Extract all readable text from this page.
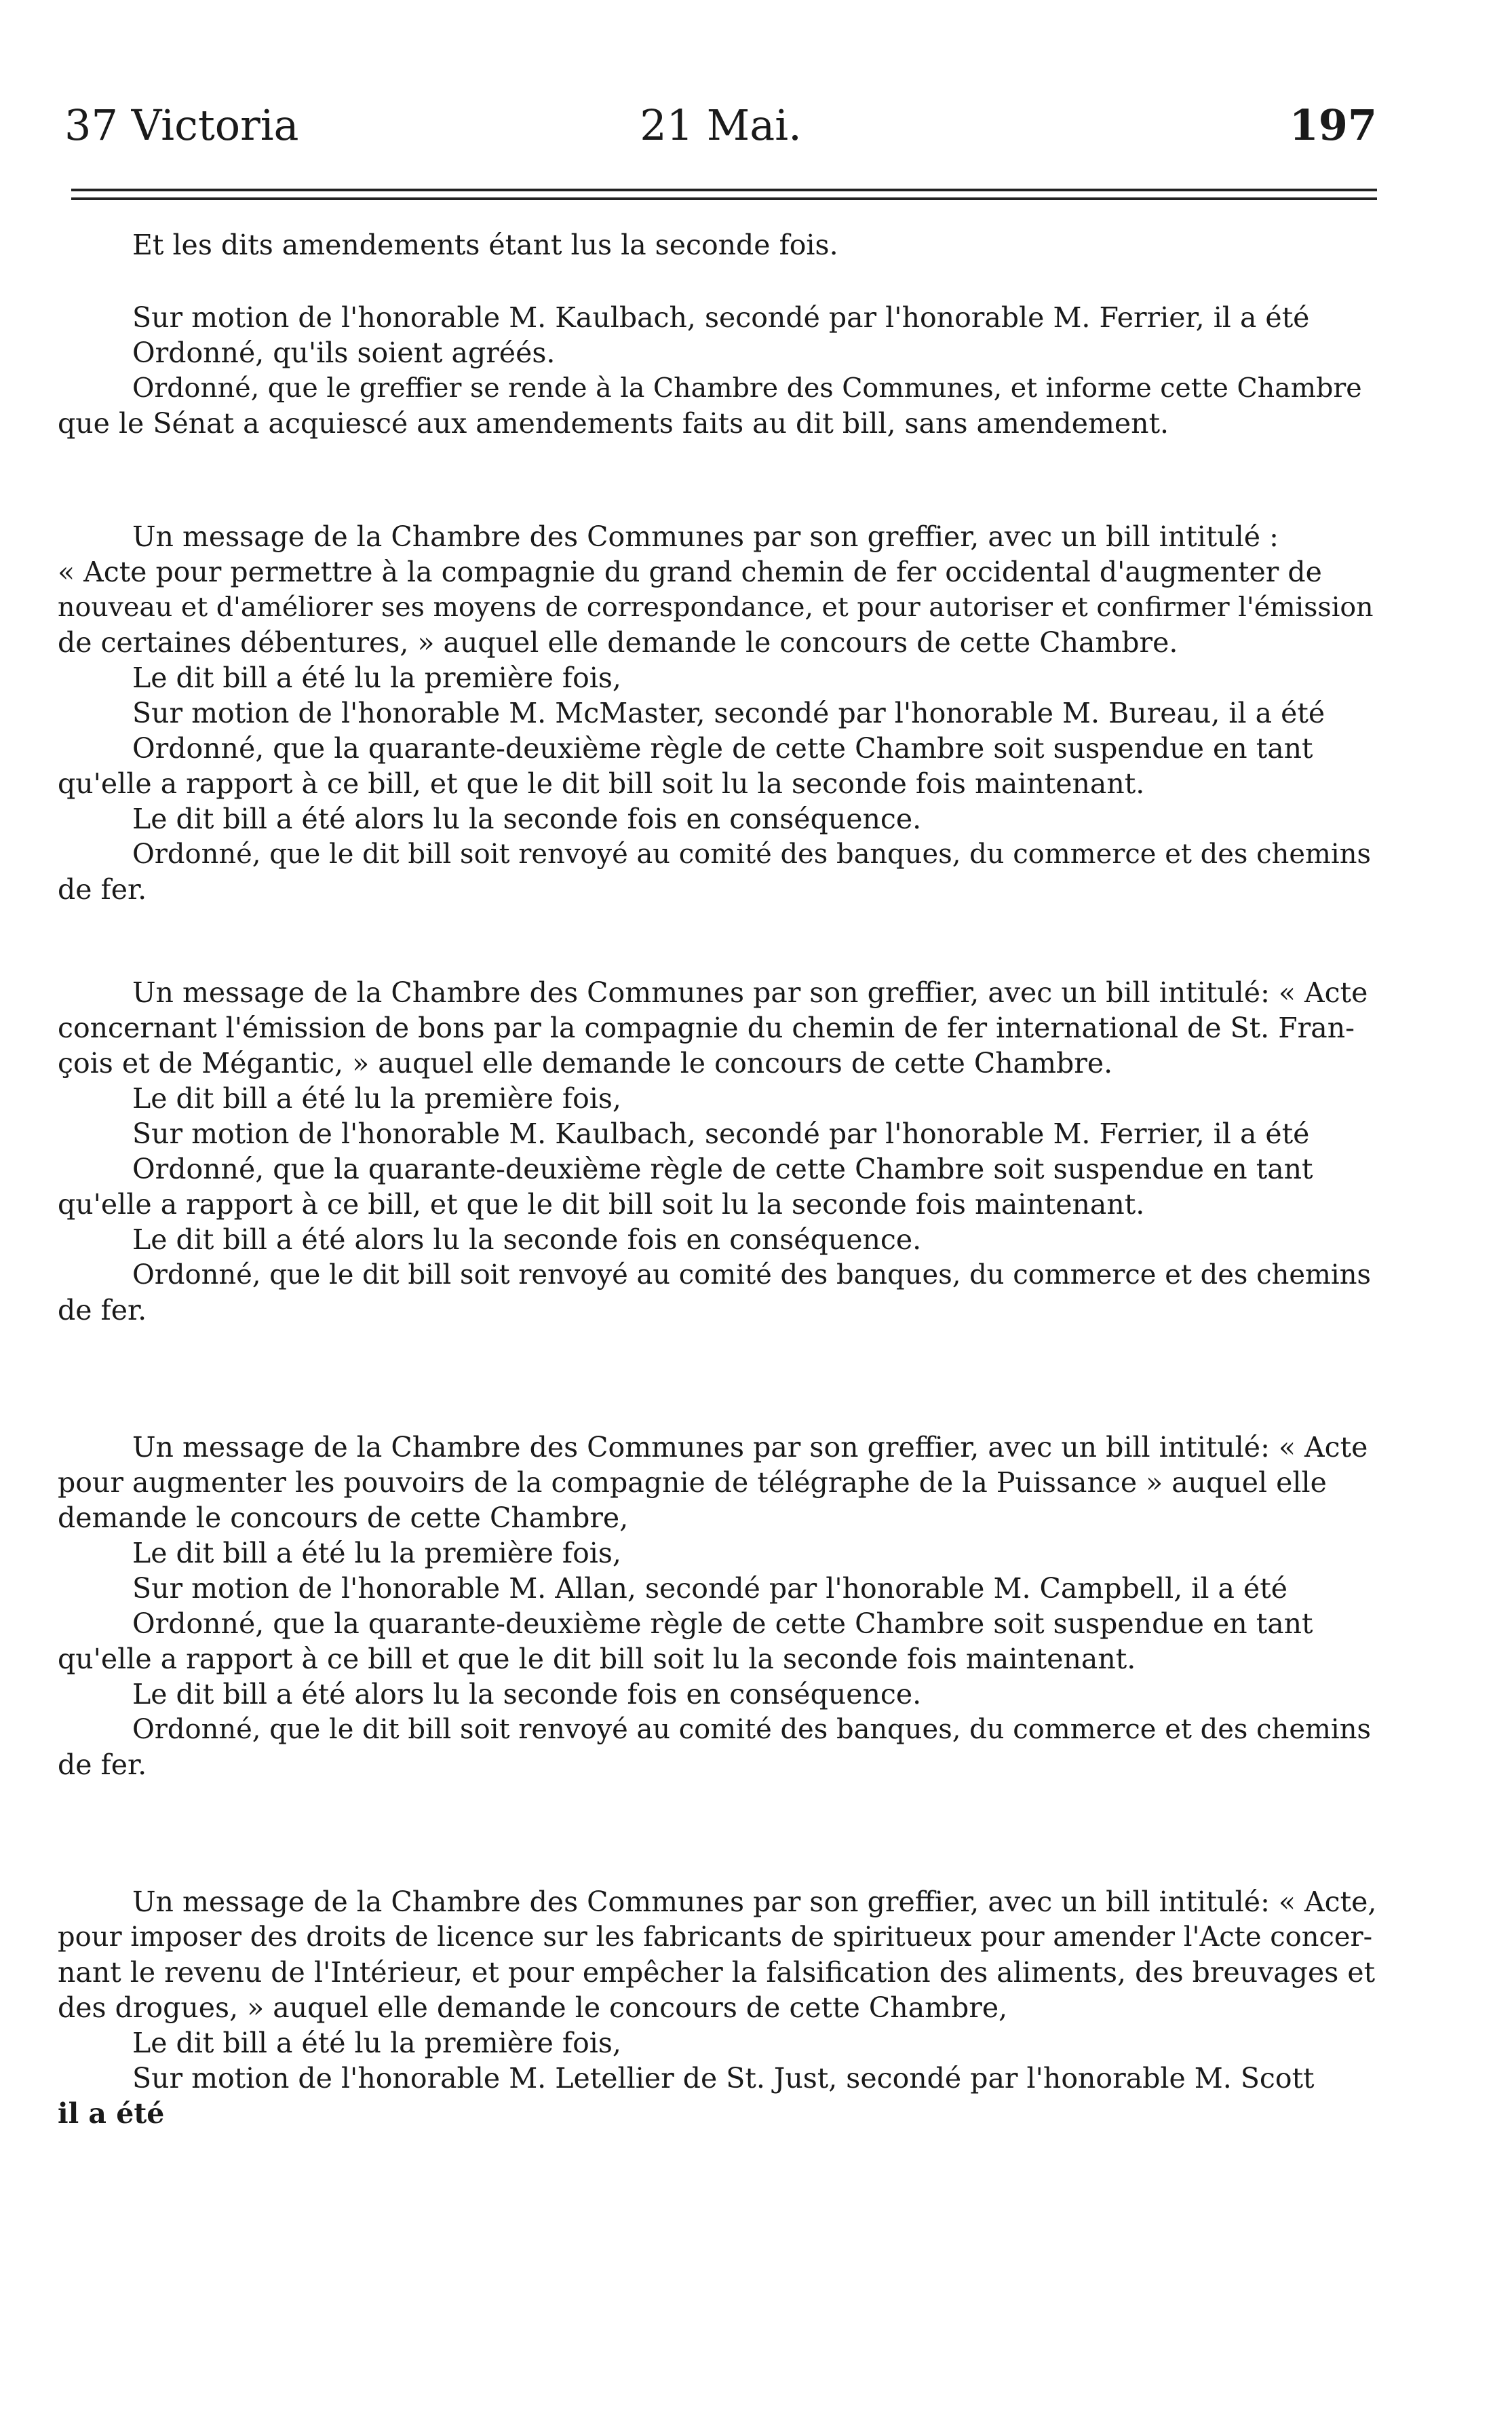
37 Victoria	21 Mai.	197
Et les dits amendements étant lus la seconde fois.
Sur motion de l'honorable M. Kaulbach, secondé par l'honorable M. Ferrier, il a été
Ordonné, qu'ils soient agréés.
Ordonné, que le greffier se rende à la Chambre des Communes, et informe cette Chambre
que le Sénat a acquiescé aux amendements faits au dit bill, sans amendement.
Un message de la Chambre des Communes par son greffier, avec un bill intitulé :
« Acte pour permettre à la compagnie du grand chemin de fer occidental d'augmenter de
nouveau et d'améliorer ses moyens de correspondance, et pour autoriser et confirmer l'émission
de certaines débentures, » auquel elle demande le concours de cette Chambre.
Le dit bill a été lu la première fois,
Sur motion de l'honorable M. McMaster, secondé par l'honorable M. Bureau, il a été
Ordonné, que la quarante-deuxième règle de cette Chambre soit suspendue en tant
qu'elle a rapport à ce bill, et que le dit bill soit lu la seconde fois maintenant.
Le dit bill a été alors lu la seconde fois en conséquence.
Ordonné, que le dit bill soit renvoyé au comité des banques, du commerce et des chemins
de fer.
Un message de la Chambre des Communes par son greffier, avec un bill intitulé: « Acte
concernant l'émission de bons par la compagnie du chemin de fer international de St. Fran-
çois et de Mégantic, » auquel elle demande le concours de cette Chambre.
Le dit bill a été lu la première fois,
Sur motion de l'honorable M. Kaulbach, secondé par l'honorable M. Ferrier, il a été
Ordonné, que la quarante-deuxième règle de cette Chambre soit suspendue en tant
qu'elle a rapport à ce bill, et que le dit bill soit lu la seconde fois maintenant.
Le dit bill a été alors lu la seconde fois en conséquence.
Ordonné, que le dit bill soit renvoyé au comité des banques, du commerce et des chemins
de fer.
Un message de la Chambre des Communes par son greffier, avec un bill intitulé: « Acte
pour augmenter les pouvoirs de la compagnie de télégraphe de la Puissance » auquel elle
demande le concours de cette Chambre,
Le dit bill a été lu la première fois,
Sur motion de l'honorable M. Allan, secondé par l'honorable M. Campbell, il a été
Ordonné, que la quarante-deuxième règle de cette Chambre soit suspendue en tant
qu'elle a rapport à ce bill et que le dit bill soit lu la seconde fois maintenant.
Le dit bill a été alors lu la seconde fois en conséquence.
Ordonné, que le dit bill soit renvoyé au comité des banques, du commerce et des chemins
de fer.
Un message de la Chambre des Communes par son greffier, avec un bill intitulé: « Acte,
pour imposer des droits de licence sur les fabricants de spiritueux pour amender l'Acte concer-
nant le revenu de l'Intérieur, et pour empêcher la falsification des aliments, des breuvages et
des drogues, » auquel elle demande le concours de cette Chambre,
Le dit bill a été lu la première fois,
Sur motion de l'honorable M. Letellier de St. Just, secondé par l'honorable M. Scott
il a été
